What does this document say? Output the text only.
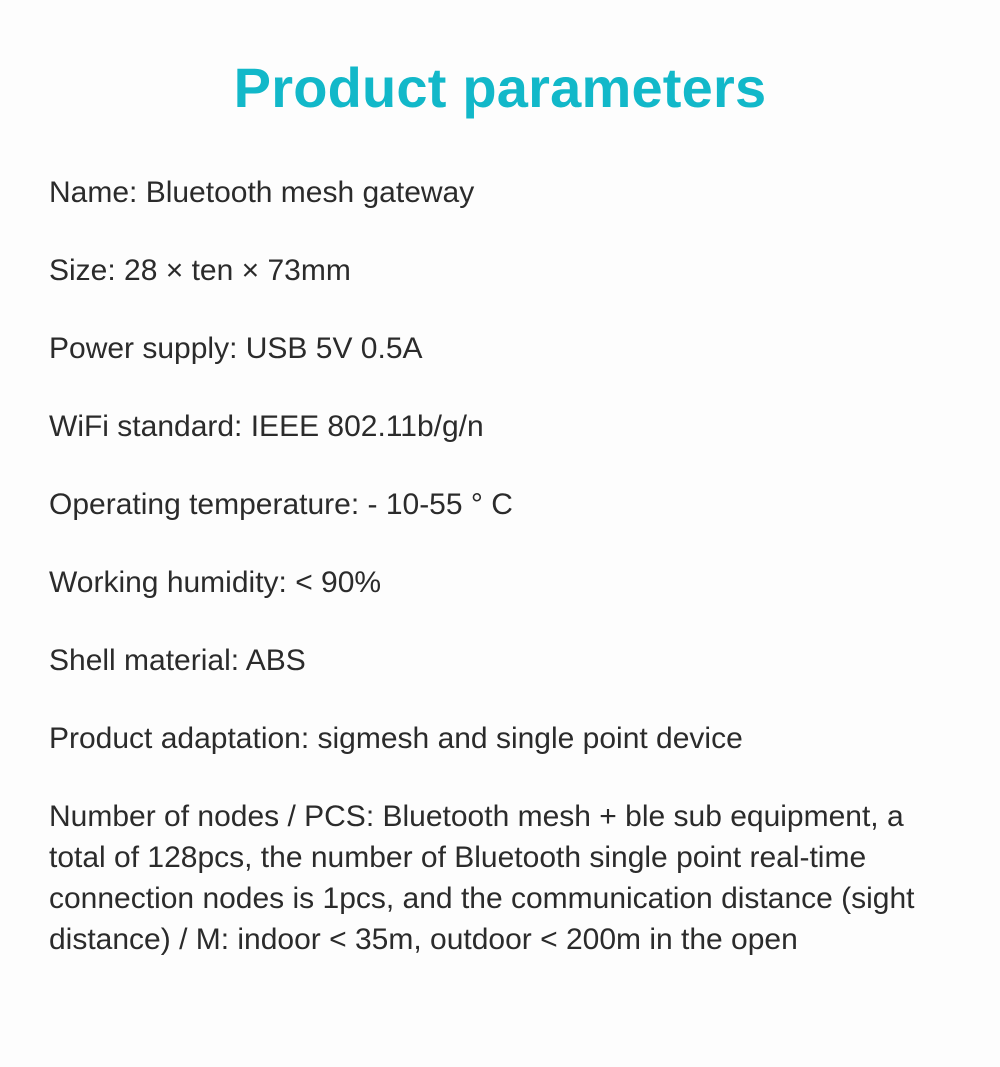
Product parameters
Name: Bluetooth mesh gateway
Size: 28 × ten × 73mm
Power supply: USB 5V 0.5A
WiFi standard: IEEE 802.11b/g/n
Operating temperature: - 10-55 ° C
Working humidity: < 90%
Shell material: ABS
Product adaptation: sigmesh and single point device
Number of nodes / PCS: Bluetooth mesh + ble sub equipment, a total of 128pcs, the number of Bluetooth single point real-time connection nodes is 1pcs, and the communication distance (sight distance) / M: indoor < 35m, outdoor < 200m in the open
